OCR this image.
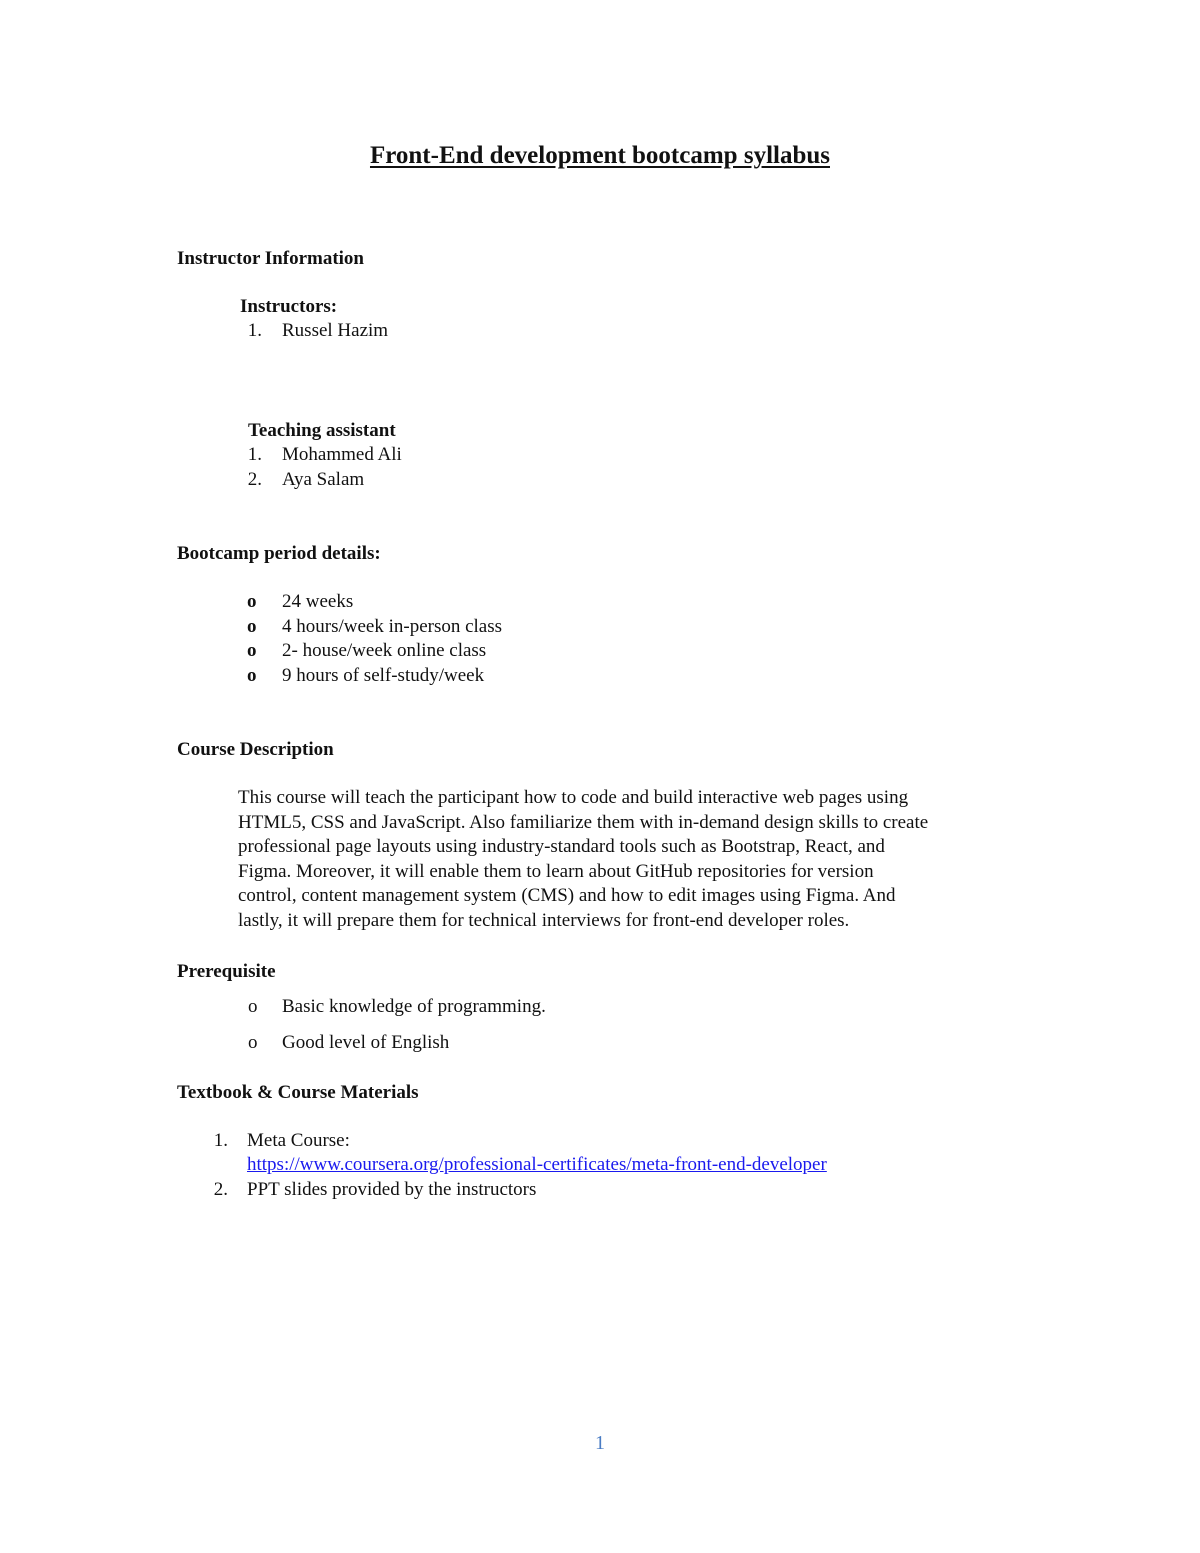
Front-End development bootcamp syllabus
Instructor Information
Instructors:
1. Russel Hazim
Teaching assistant
1. Mohammed Ali
2. Aya Salam
Bootcamp period details:
o 24 weeks
o 4 hours/week in-person class
o 2- house/week online class
o 9 hours of self-study/week
Course Description
This course will teach the participant how to code and build interactive web pages using
HTML5, CSS and JavaScript. Also familiarize them with in-demand design skills to create
professional page layouts using industry-standard tools such as Bootstrap, React, and
Figma. Moreover, it will enable them to learn about GitHub repositories for version
control, content management system (CMS) and how to edit images using Figma. And
lastly, it will prepare them for technical interviews for front-end developer roles.
Prerequisite
o Basic knowledge of programming.
o Good level of English
Textbook & Course Materials
1. Meta Course:
https://www.coursera.org/professional-certificates/meta-front-end-developer
2. PPT slides provided by the instructors
1
